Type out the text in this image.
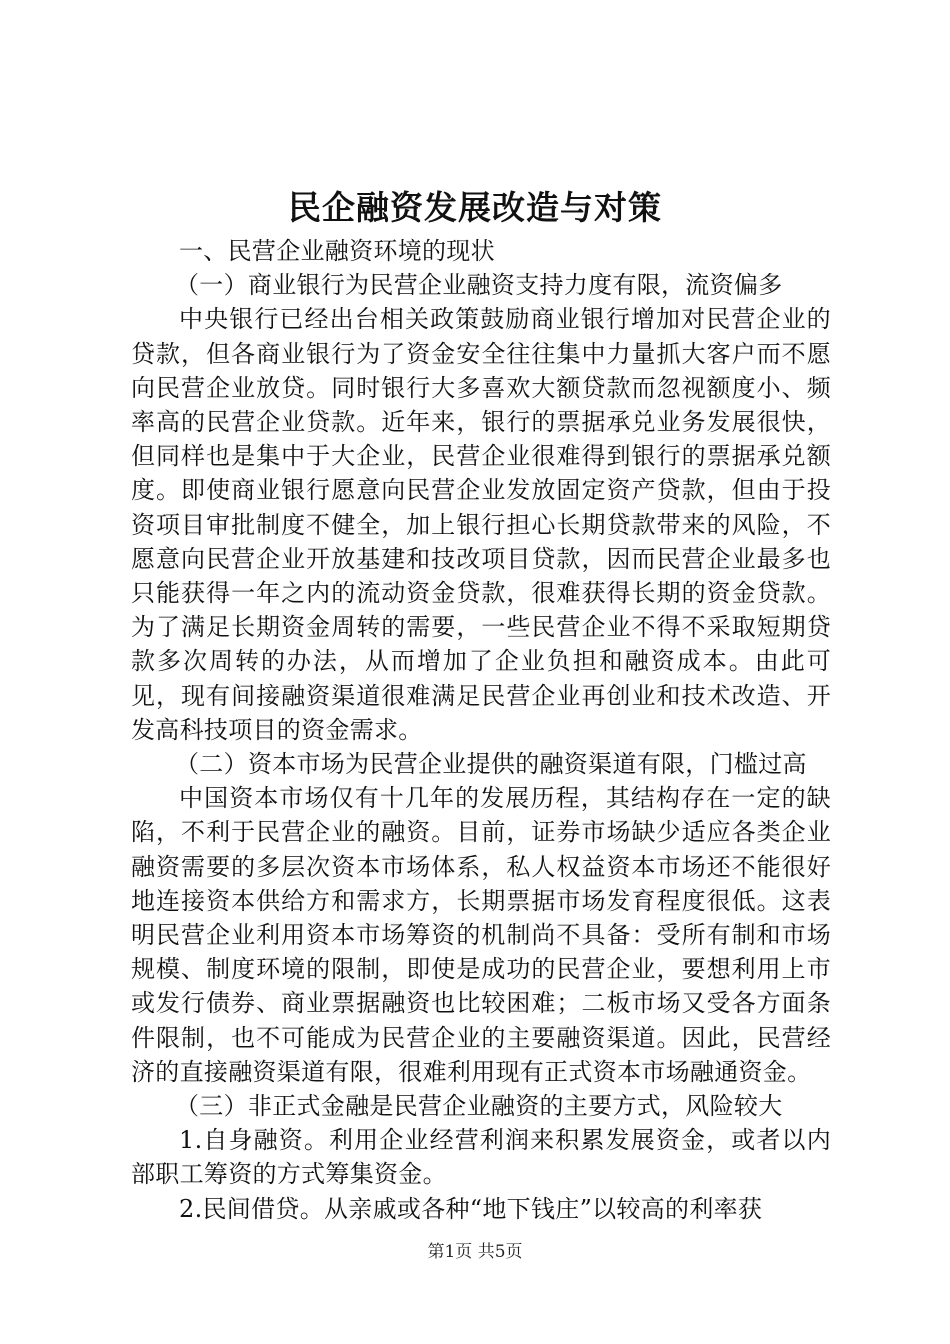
民企融资发展改造与对策

一、民营企业融资环境的现状

（一）商业银行为民营企业融资支持力度有限，流资偏多

中央银行已经出台相关政策鼓励商业银行增加对民营企业的贷款，但各商业银行为了资金安全往往集中力量抓大客户而不愿向民营企业放贷。同时银行大多喜欢大额贷款而忽视额度小、频率高的民营企业贷款。近年来，银行的票据承兑业务发展很快，但同样也是集中于大企业，民营企业很难得到银行的票据承兑额度。即使商业银行愿意向民营企业发放固定资产贷款，但由于投资项目审批制度不健全，加上银行担心长期贷款带来的风险，不愿意向民营企业开放基建和技改项目贷款，因而民营企业最多也只能获得一年之内的流动资金贷款，很难获得长期的资金贷款。为了满足长期资金周转的需要，一些民营企业不得不采取短期贷款多次周转的办法，从而增加了企业负担和融资成本。由此可见，现有间接融资渠道很难满足民营企业再创业和技术改造、开发高科技项目的资金需求。

（二）资本市场为民营企业提供的融资渠道有限，门槛过高

中国资本市场仅有十几年的发展历程，其结构存在一定的缺陷，不利于民营企业的融资。目前，证券市场缺少适应各类企业融资需要的多层次资本市场体系，私人权益资本市场还不能很好地连接资本供给方和需求方，长期票据市场发育程度很低。这表明民营企业利用资本市场筹资的机制尚不具备：受所有制和市场规模、制度环境的限制，即使是成功的民营企业，要想利用上市或发行债券、商业票据融资也比较困难；二板市场又受各方面条件限制，也不可能成为民营企业的主要融资渠道。因此，民营经济的直接融资渠道有限，很难利用现有正式资本市场融通资金。

（三）非正式金融是民营企业融资的主要方式，风险较大

1.自身融资。利用企业经营利润来积累发展资金，或者以内部职工筹资的方式筹集资金。

2.民间借贷。从亲戚或各种“地下钱庄”以较高的利率获

第1页 共5页
